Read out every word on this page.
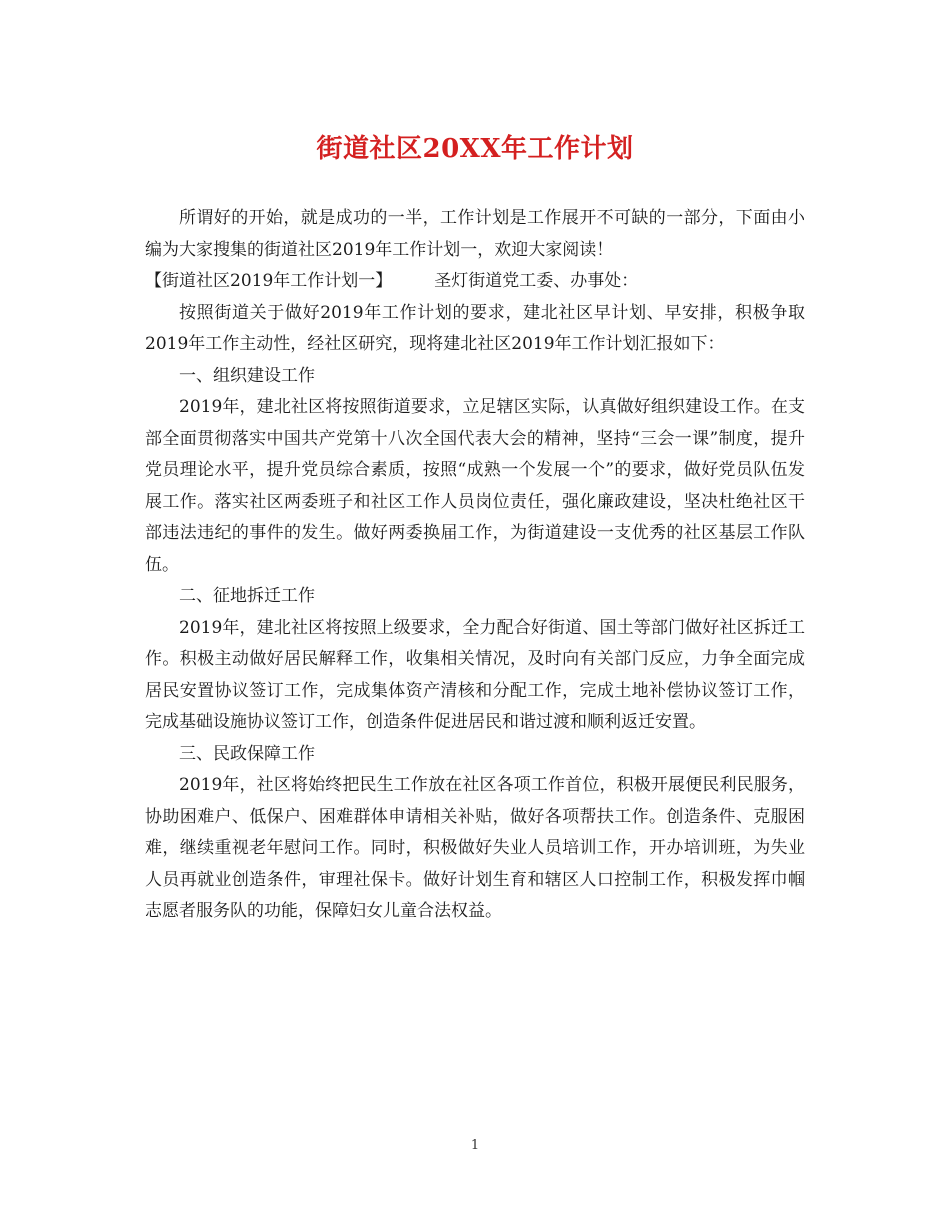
街道社区20XX年工作计划

所谓好的开始，就是成功的一半，工作计划是工作展开不可缺的一部分，下面由小编为大家搜集的街道社区2019年工作计划一，欢迎大家阅读！

【街道社区2019年工作计划一】 圣灯街道党工委、办事处：

按照街道关于做好2019年工作计划的要求，建北社区早计划、早安排，积极争取2019年工作主动性，经社区研究，现将建北社区2019年工作计划汇报如下：

一、组织建设工作

2019年，建北社区将按照街道要求，立足辖区实际，认真做好组织建设工作。在支部全面贯彻落实中国共产党第十八次全国代表大会的精神，坚持“三会一课”制度，提升党员理论水平，提升党员综合素质，按照“成熟一个发展一个”的要求，做好党员队伍发展工作。落实社区两委班子和社区工作人员岗位责任，强化廉政建设，坚决杜绝社区干部违法违纪的事件的发生。做好两委换届工作，为街道建设一支优秀的社区基层工作队伍。

二、征地拆迁工作

2019年，建北社区将按照上级要求，全力配合好街道、国土等部门做好社区拆迁工作。积极主动做好居民解释工作，收集相关情况，及时向有关部门反应，力争全面完成居民安置协议签订工作，完成集体资产清核和分配工作，完成土地补偿协议签订工作，完成基础设施协议签订工作，创造条件促进居民和谐过渡和顺利返迁安置。

三、民政保障工作

2019年，社区将始终把民生工作放在社区各项工作首位，积极开展便民利民服务，协助困难户、低保户、困难群体申请相关补贴，做好各项帮扶工作。创造条件、克服困难，继续重视老年慰问工作。同时，积极做好失业人员培训工作，开办培训班，为失业人员再就业创造条件，审理社保卡。做好计划生育和辖区人口控制工作，积极发挥巾帼志愿者服务队的功能，保障妇女儿童合法权益。

1
